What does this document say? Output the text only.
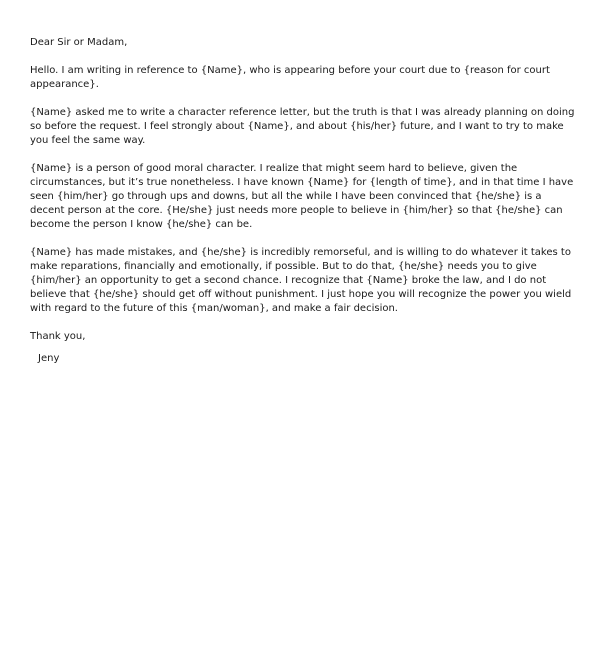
Dear Sir or Madam,

Hello. I am writing in reference to {Name}, who is appearing before your court due to {reason for court appearance}.

{Name} asked me to write a character reference letter, but the truth is that I was already planning on doing so before the request. I feel strongly about {Name}, and about {his/her} future, and I want to try to make you feel the same way.

{Name} is a person of good moral character. I realize that might seem hard to believe, given the circumstances, but it’s true nonetheless. I have known {Name} for {length of time}, and in that time I have seen {him/her} go through ups and downs, but all the while I have been convinced that {he/she} is a decent person at the core. {He/she} just needs more people to believe in {him/her} so that {he/she} can become the person I know {he/she} can be.

{Name} has made mistakes, and {he/she} is incredibly remorseful, and is willing to do whatever it takes to make reparations, financially and emotionally, if possible. But to do that, {he/she} needs you to give {him/her} an opportunity to get a second chance. I recognize that {Name} broke the law, and I do not believe that {he/she} should get off without punishment. I just hope you will recognize the power you wield with regard to the future of this {man/woman}, and make a fair decision.

Thank you,

Jeny
